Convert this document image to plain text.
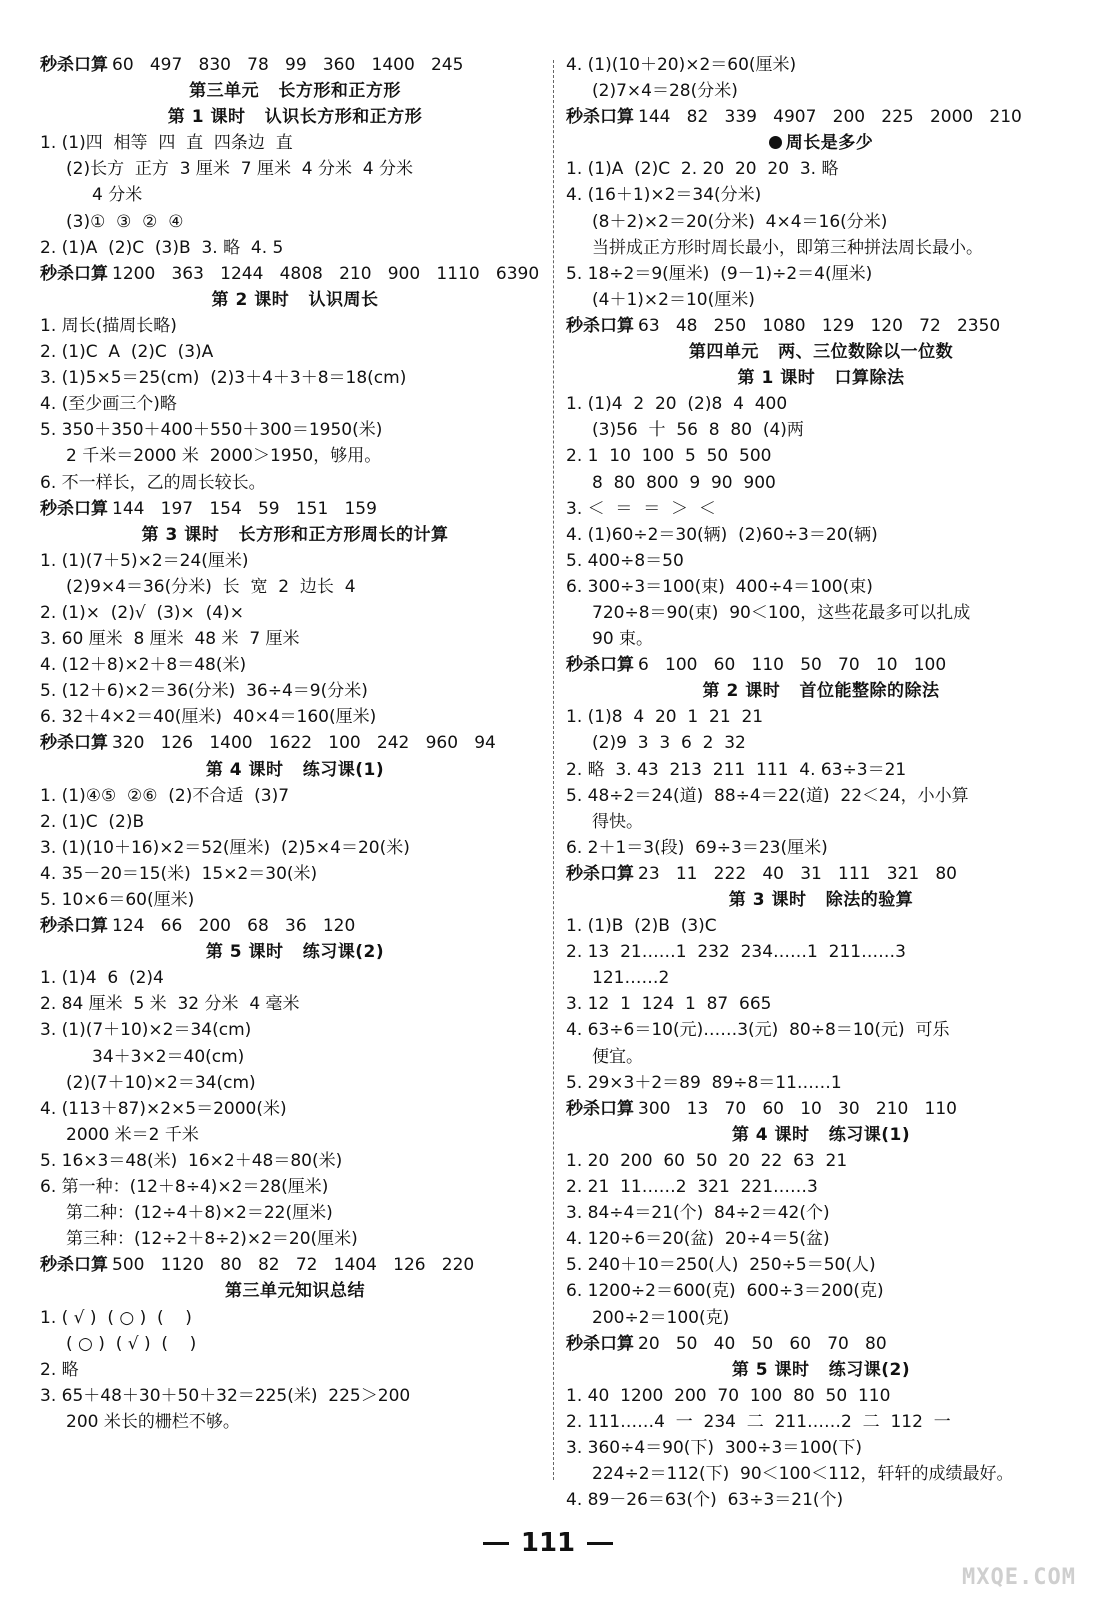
秒杀口算 60   497   830   78   99   360   1400   245
第三单元   长方形和正方形
第 1 课时   认识长方形和正方形
1. (1)四  相等  四  直  四条边  直
(2)长方  正方  3 厘米  7 厘米  4 分米  4 分米
4 分米
(3)①  ③  ②  ④
2. (1)A  (2)C  (3)B  3. 略  4. 5
秒杀口算 1200   363   1244   4808   210   900   1110   6390
第 2 课时   认识周长
1. 周长(描周长略)
2. (1)C  A  (2)C  (3)A
3. (1)5×5＝25(cm)  (2)3＋4＋3＋8＝18(cm)
4. (至少画三个)略
5. 350＋350＋400＋550＋300＝1950(米)
2 千米＝2000 米  2000＞1950，够用。
6. 不一样长，乙的周长较长。
秒杀口算 144   197   154   59   151   159
第 3 课时   长方形和正方形周长的计算
1. (1)(7＋5)×2＝24(厘米)
(2)9×4＝36(分米)  长  宽  2  边长  4
2. (1)×  (2)√  (3)×  (4)×
3. 60 厘米  8 厘米  48 米  7 厘米
4. (12＋8)×2＋8＝48(米)
5. (12＋6)×2＝36(分米)  36÷4＝9(分米)
6. 32＋4×2＝40(厘米)  40×4＝160(厘米)
秒杀口算 320   126   1400   1622   100   242   960   94
第 4 课时   练习课(1)
1. (1)④⑤  ②⑥  (2)不合适  (3)7
2. (1)C  (2)B
3. (1)(10＋16)×2＝52(厘米)  (2)5×4＝20(米)
4. 35－20＝15(米)  15×2＝30(米)
5. 10×6＝60(厘米)
秒杀口算 124   66   200   68   36   120
第 5 课时   练习课(2)
1. (1)4  6  (2)4
2. 84 厘米  5 米  32 分米  4 毫米
3. (1)(7＋10)×2＝34(cm)
34＋3×2＝40(cm)
(2)(7＋10)×2＝34(cm)
4. (113＋87)×2×5＝2000(米)
2000 米＝2 千米
5. 16×3＝48(米)  16×2＋48＝80(米)
6. 第一种：(12＋8÷4)×2＝28(厘米)
第二种：(12÷4＋8)×2＝22(厘米)
第三种：(12÷2＋8÷2)×2＝20(厘米)
秒杀口算 500   1120   80   82   72   1404   126   220
第三单元知识总结
1. ( √ )  ( ○ )  (    )
( ○ )  ( √ )  (    )
2. 略
3. 65＋48＋30＋50＋32＝225(米)  225＞200
200 米长的栅栏不够。
4. (1)(10＋20)×2＝60(厘米)
(2)7×4＝28(分米)
秒杀口算 144   82   339   4907   200   225   2000   210
周长是多少
1. (1)A  (2)C  2. 20  20  20  3. 略
4. (16＋1)×2＝34(分米)
(8＋2)×2＝20(分米)  4×4＝16(分米)
当拼成正方形时周长最小，即第三种拼法周长最小。
5. 18÷2＝9(厘米)  (9－1)÷2＝4(厘米)
(4＋1)×2＝10(厘米)
秒杀口算 63   48   250   1080   129   120   72   2350
第四单元   两、三位数除以一位数
第 1 课时   口算除法
1. (1)4  2  20  (2)8  4  400
(3)56  十  56  8  80  (4)两
2. 1  10  100  5  50  500
8  80  800  9  90  900
3. ＜  ＝  ＝  ＞  ＜
4. (1)60÷2＝30(辆)  (2)60÷3＝20(辆)
5. 400÷8＝50
6. 300÷3＝100(束)  400÷4＝100(束)
720÷8＝90(束)  90＜100，这些花最多可以扎成
90 束。
秒杀口算 6   100   60   110   50   70   10   100
第 2 课时   首位能整除的除法
1. (1)8  4  20  1  21  21
(2)9  3  3  6  2  32
2. 略  3. 43  213  211  111  4. 63÷3＝21
5. 48÷2＝24(道)  88÷4＝22(道)  22＜24，小小算
得快。
6. 2＋1＝3(段)  69÷3＝23(厘米)
秒杀口算 23   11   222   40   31   111   321   80
第 3 课时   除法的验算
1. (1)B  (2)B  (3)C
2. 13  21……1  232  234……1  211……3
121……2
3. 12  1  124  1  87  665
4. 63÷6＝10(元)……3(元)  80÷8＝10(元)  可乐
便宜。
5. 29×3＋2＝89  89÷8＝11……1
秒杀口算 300   13   70   60   10   30   210   110
第 4 课时   练习课(1)
1. 20  200  60  50  20  22  63  21
2. 21  11……2  321  221……3
3. 84÷4＝21(个)  84÷2＝42(个)
4. 120÷6＝20(盆)  20÷4＝5(盆)
5. 240＋10＝250(人)  250÷5＝50(人)
6. 1200÷2＝600(克)  600÷3＝200(克)
200÷2＝100(克)
秒杀口算 20   50   40   50   60   70   80
第 5 课时   练习课(2)
1. 40  1200  200  70  100  80  50  110
2. 111……4  一  234  二  211……2  二  112  一
3. 360÷4＝90(下)  300÷3＝100(下)
224÷2＝112(下)  90＜100＜112，轩轩的成绩最好。
4. 89－26＝63(个)  63÷3＝21(个)
111
MXQE.COM
